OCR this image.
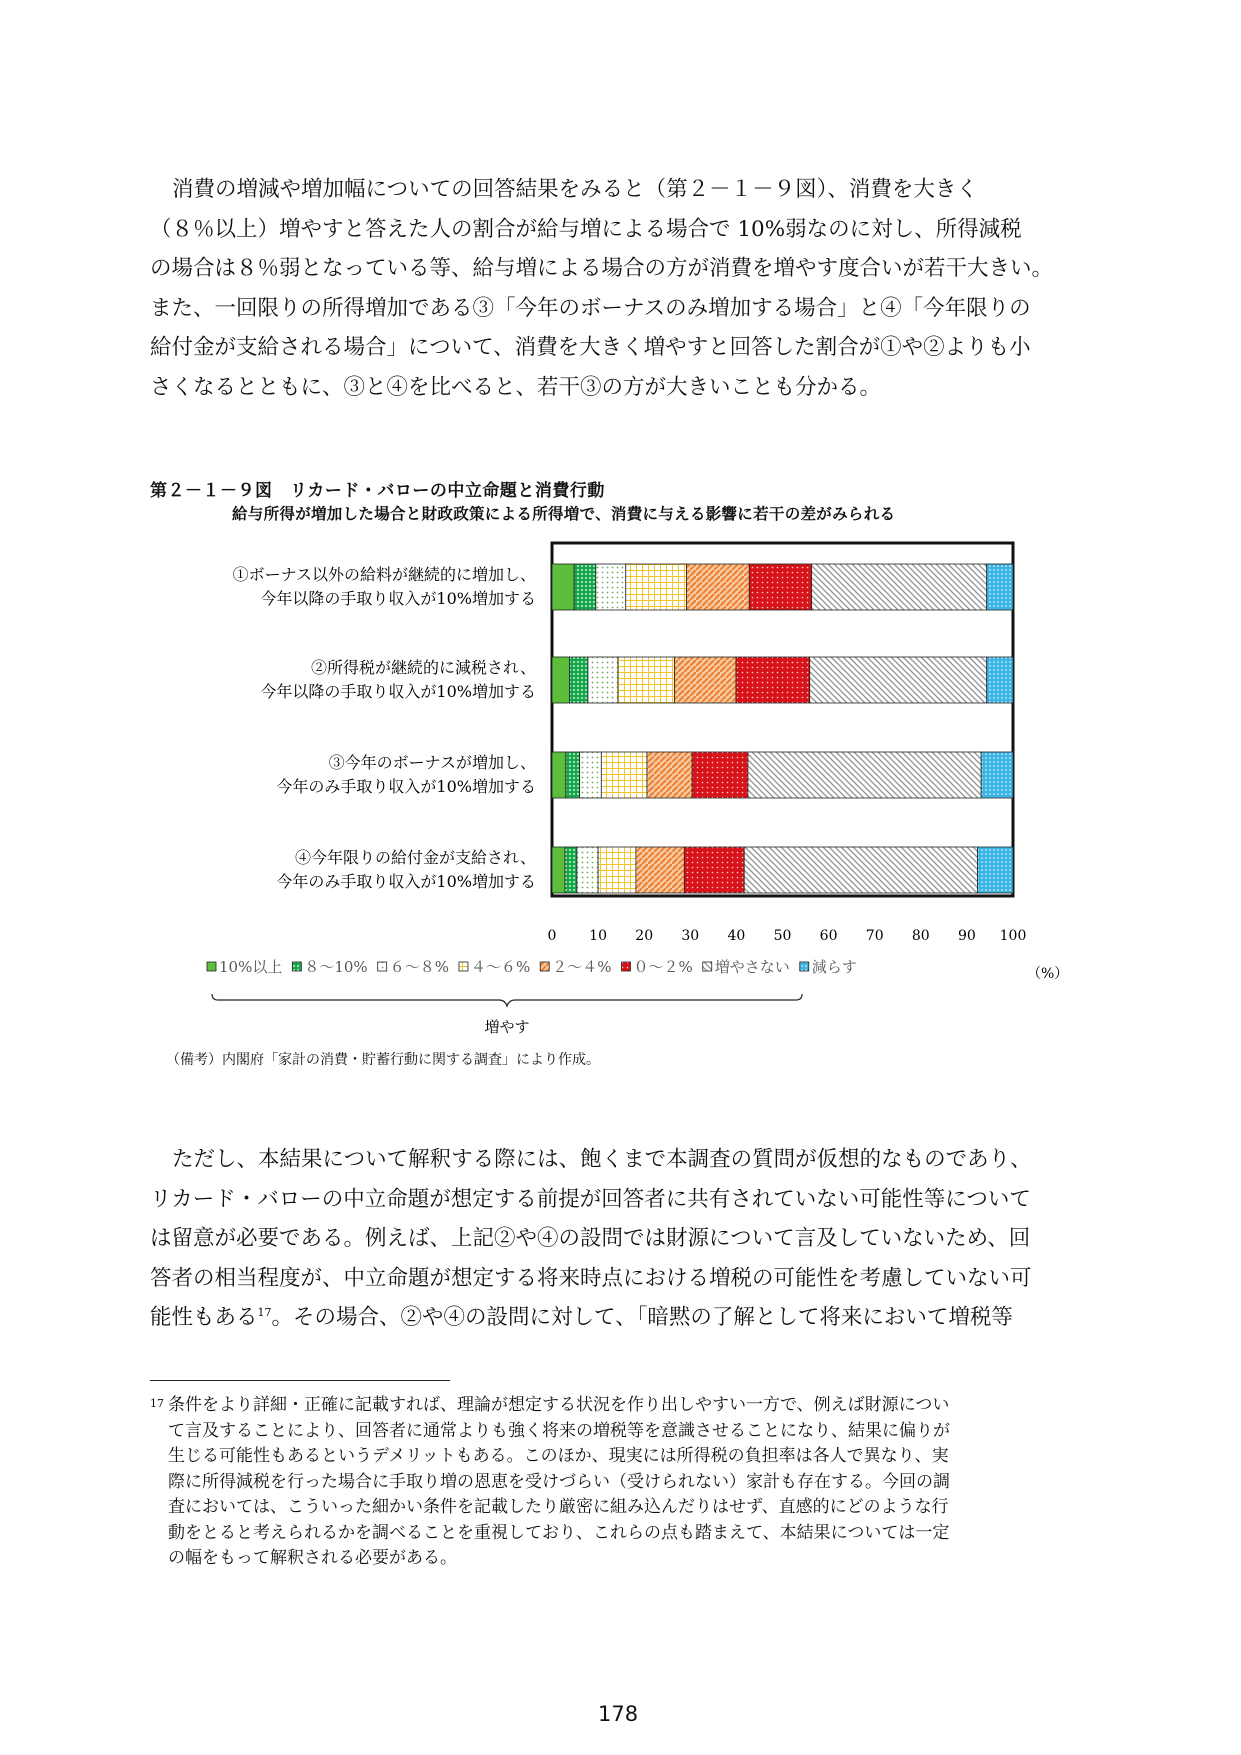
消費の増減や増加幅についての回答結果をみると（第２－１－９図）、消費を大きく

（８％以上）増やすと答えた人の割合が給与増による場合で 10%弱なのに対し、所得減税

の場合は８％弱となっている等、給与増による場合の方が消費を増やす度合いが若干大きい。

また、一回限りの所得増加である③「今年のボーナスのみ増加する場合」と④「今年限りの

給付金が支給される場合」について、消費を大きく増やすと回答した割合が①や②よりも小

さくなるとともに、③と④を比べると、若干③の方が大きいことも分かる。

第２－１－９図　リカード・バローの中立命題と消費行動
給与所得が増加した場合と財政政策による所得増で、消費に与える影響に若干の差がみられる
①ボーナス以外の給料が継続的に増加し、
今年以降の手取り収入が10%増加する
②所得税が継続的に減税され、
今年以降の手取り収入が10%増加する
③今年のボーナスが増加し、
今年のみ手取り収入が10%増加する
④今年限りの給付金が支給され、
今年のみ手取り収入が10%増加する
0 10 20 30 40 50 60 70 80 90 100
10%以上 ８～10% ６～８% ４～６% ２～４% ０～２% 増やさない 減らす
増やす
（%）
（備考）内閣府「家計の消費・貯蓄行動に関する調査」により作成。

ただし、本結果について解釈する際には、飽くまで本調査の質問が仮想的なものであり、

リカード・バローの中立命題が想定する前提が回答者に共有されていない可能性等について

は留意が必要である。例えば、上記②や④の設問では財源について言及していないため、回

答者の相当程度が、中立命題が想定する将来時点における増税の可能性を考慮していない可

能性もある$^{17}$。その場合、②や④の設問に対して、「暗黙の了解として将来において増税等

17 条件をより詳細・正確に記載すれば、理論が想定する状況を作り出しやすい一方で、例えば財源につい

て言及することにより、回答者に通常よりも強く将来の増税等を意識させることになり、結果に偏りが

生じる可能性もあるというデメリットもある。このほか、現実には所得税の負担率は各人で異なり、実

際に所得減税を行った場合に手取り増の恩恵を受けづらい（受けられない）家計も存在する。今回の調

査においては、こういった細かい条件を記載したり厳密に組み込んだりはせず、直感的にどのような行

動をとると考えられるかを調べることを重視しており、これらの点も踏まえて、本結果については一定

の幅をもって解釈される必要がある。

178
